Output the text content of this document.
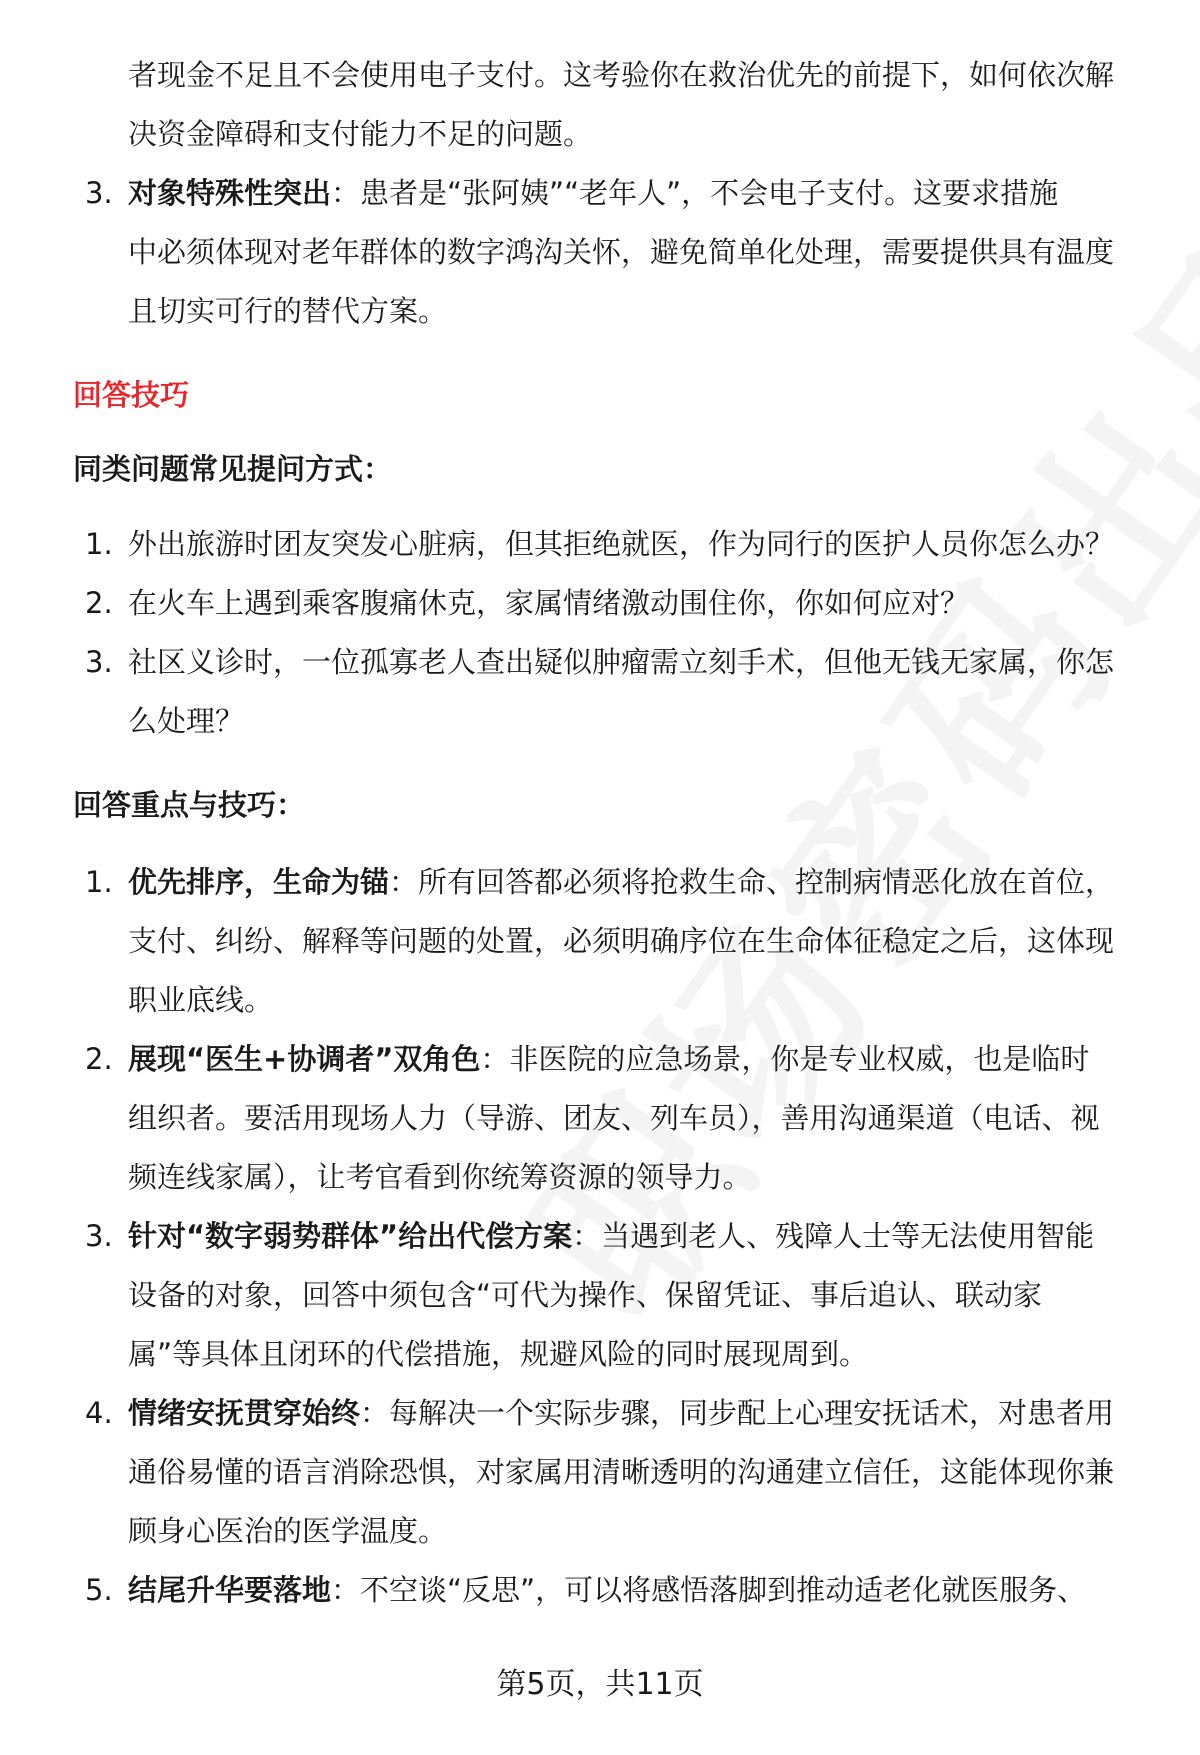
者现金不足且不会使用电子支付。这考验你在救治优先的前提下，如何依次解
决资金障碍和支付能力不足的问题。
3. 对象特殊性突出：患者是“张阿姨”“老年人”，不会电子支付。这要求措施
中必须体现对老年群体的数字鸿沟关怀，避免简单化处理，需要提供具有温度
且切实可行的替代方案。
回答技巧
同类问题常见提问方式：
1. 外出旅游时团友突发心脏病，但其拒绝就医，作为同行的医护人员你怎么办？
2. 在火车上遇到乘客腹痛休克，家属情绪激动围住你，你如何应对？
3. 社区义诊时，一位孤寡老人查出疑似肿瘤需立刻手术，但他无钱无家属，你怎
么处理？
回答重点与技巧：
1. 优先排序，生命为锚：所有回答都必须将抢救生命、控制病情恶化放在首位，
支付、纠纷、解释等问题的处置，必须明确序位在生命体征稳定之后，这体现
职业底线。
2. 展现“医生+协调者”双角色：非医院的应急场景，你是专业权威，也是临时
组织者。要活用现场人力（导游、团友、列车员），善用沟通渠道（电话、视
频连线家属），让考官看到你统筹资源的领导力。
3. 针对“数字弱势群体”给出代偿方案：当遇到老人、残障人士等无法使用智能
设备的对象，回答中须包含“可代为操作、保留凭证、事后追认、联动家
属”等具体且闭环的代偿措施，规避风险的同时展现周到。
4. 情绪安抚贯穿始终：每解决一个实际步骤，同步配上心理安抚话术，对患者用
通俗易懂的语言消除恐惧，对家属用清晰透明的沟通建立信任，这能体现你兼
顾身心医治的医学温度。
5. 结尾升华要落地：不空谈“反思”，可以将感悟落脚到推动适老化就医服务、
第5页，共11页
